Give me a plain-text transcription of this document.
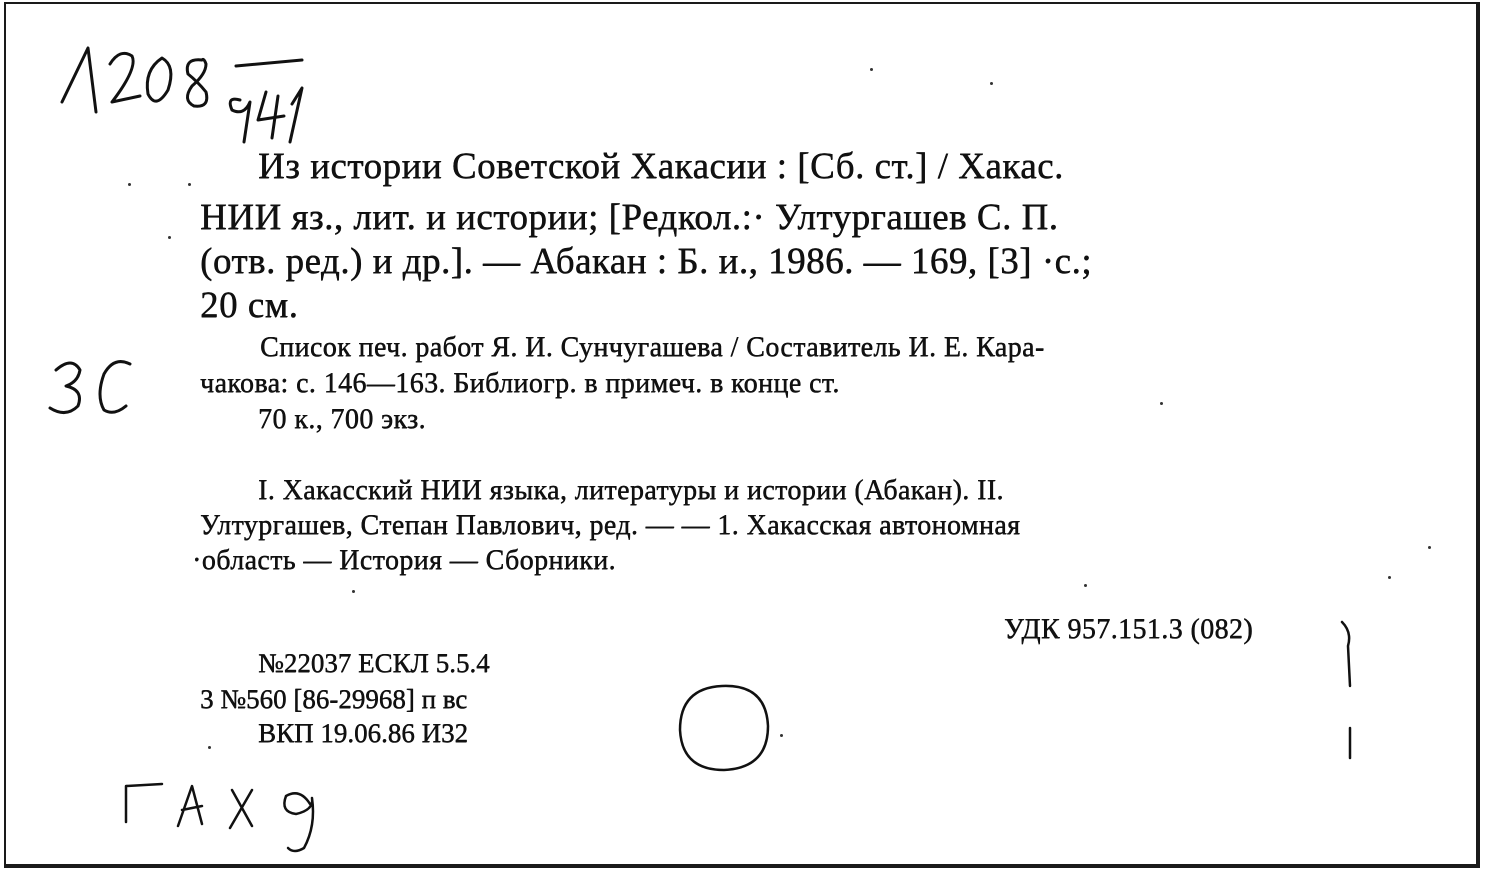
Из истории Советской Хакасии : [Сб. ст.] / Хакас.

НИИ яз., лит. и истории; [Редкол.:· Ултургашев С. П.

(отв. ред.) и др.]. — Абакан : Б. и., 1986. — 169, [3] ·с.;

20 см.

Список печ. работ Я. И. Сунчугашева / Составитель И. Е. Кара-

чакова: с. 146—163. Библиогр. в примеч. в конце ст.

70 к., 700 экз.

I. Хакасский НИИ языка, литературы и истории (Абакан). II.

Ултургашев, Степан Павлович, ред. — — 1. Хакасская автономная

·область — История — Сборники.

УДК 957.151.3 (082)

№22037 ЕСКЛ 5.5.4

3 №560 [86-29968] п вс

ВКП 19.06.86 И32
